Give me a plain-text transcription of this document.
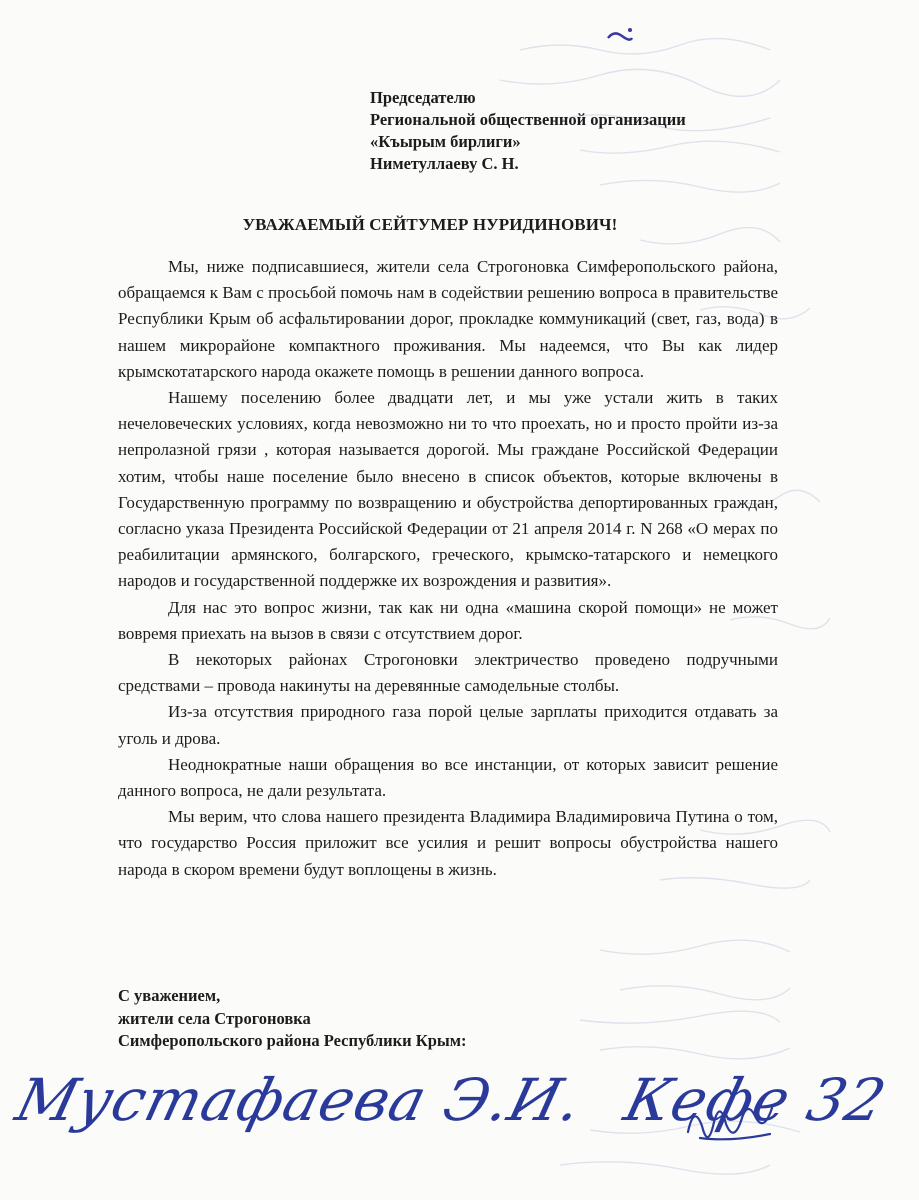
Председателю
Региональной общественной организации
«Къырым бирлиги»
Ниметуллаеву С. Н.
УВАЖАЕМЫЙ СЕЙТУМЕР НУРИДИНОВИЧ!

Мы, ниже подписавшиеся, жители села Строгоновка Симферопольского района, обращаемся к Вам с просьбой помочь нам в содействии решению вопроса в правительстве Республики Крым об асфальтировании дорог, прокладке коммуникаций (свет, газ, вода) в нашем микрорайоне компактного проживания. Мы надеемся, что Вы как лидер крымскотатарского народа окажете помощь в решении данного вопроса.

Нашему поселению более двадцати лет, и мы уже устали жить в таких нечеловеческих условиях, когда невозможно ни то что проехать, но и просто пройти из-за непролазной грязи , которая называется дорогой. Мы граждане Российской Федерации хотим, чтобы наше поселение было внесено в список объектов, которые включены в Государственную программу по возвращению и обустройства депортированных граждан, согласно указа Президента Российской Федерации от 21 апреля 2014 г. N 268 «О мерах по реабилитации армянского, болгарского, греческого, крымско-татарского и немецкого народов и государственной поддержке их возрождения и развития».

Для нас это вопрос жизни, так как ни одна «машина скорой помощи» не может вовремя приехать на вызов в связи с отсутствием дорог.

В некоторых районах Строгоновки электричество проведено подручными средствами – провода накинуты на деревянные самодельные столбы.

Из-за отсутствия природного газа порой целые зарплаты приходится отдавать за уголь и дрова.

Неоднократные наши обращения во все инстанции, от которых зависит решение данного вопроса, не дали результата.

Мы верим, что слова нашего президента Владимира Владимировича Путина о том, что государство Россия приложит все усилия и решит вопросы обустройства нашего народа в скором времени будут воплощены в жизнь.

С уважением,
жители села Строгоновка
Симферопольского района Республики Крым:
Мустафаева Э.И. Кефе 32
